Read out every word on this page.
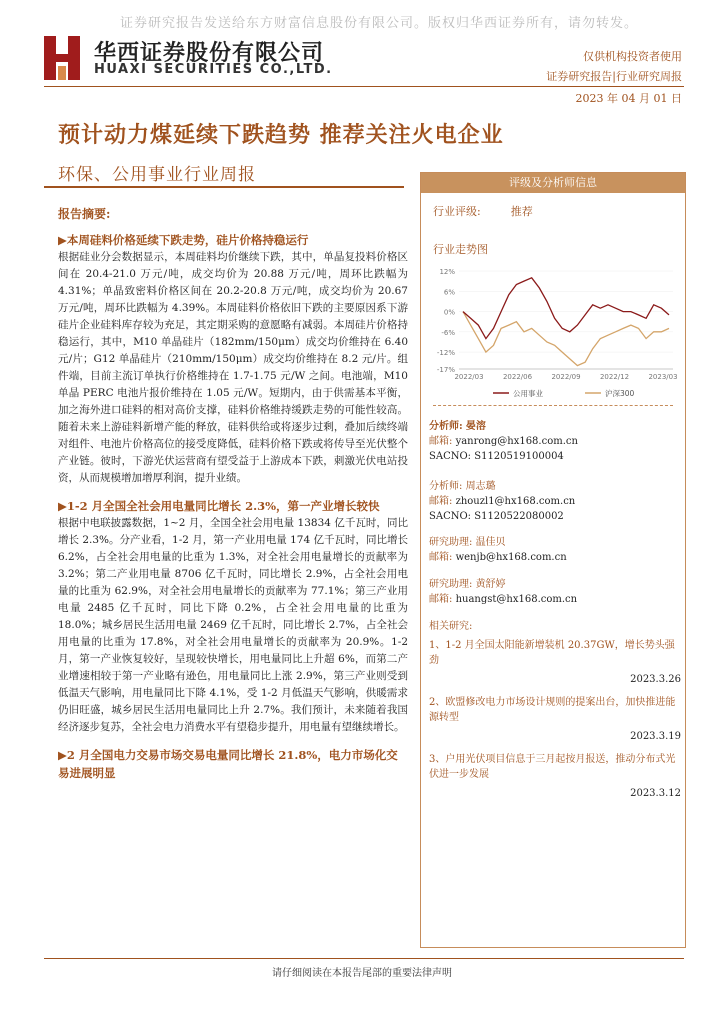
证券研究报告发送给东方财富信息股份有限公司。版权归华西证券所有，请勿转发。
华西证券股份有限公司
HUAXI SECURITIES CO.,LTD.
仅供机构投资者使用
证券研究报告|行业研究周报
2023 年 04 月 01 日
预计动力煤延续下跌趋势 推荐关注火电企业
环保、公用事业行业周报
报告摘要:
▶本周硅料价格延续下跌走势，硅片价格持稳运行
根据硅业分会数据显示，本周硅料均价继续下跌，其中，单晶复投料价格区间在 20.4-21.0 万元/吨，成交均价为 20.88 万元/吨，周环比跌幅为 4.31%；单晶致密料价格区间在 20.2-20.8 万元/吨，成交均价为 20.67 万元/吨，周环比跌幅为 4.39%。本周硅料价格依旧下跌的主要原因系下游硅片企业硅料库存较为充足，其定期采购的意愿略有减弱。本周硅片价格持稳运行，其中，M10 单晶硅片（182mm/150μm）成交均价维持在 6.40 元/片；G12 单晶硅片（210mm/150μm）成交均价维持在 8.2 元/片。组件端，目前主流订单执行价格维持在 1.7-1.75 元/W 之间。电池端，M10 单晶 PERC 电池片报价维持在 1.05 元/W。短期内，由于供需基本平衡，加之海外进口硅料的相对高价支撑，硅料价格维持缓跌走势的可能性较高。随着未来上游硅料新增产能的释放，硅料供给或将逐步过剩，叠加后续终端对组件、电池片价格高位的接受度降低，硅料价格下跌或将传导至光伏整个产业链。彼时，下游光伏运营商有望受益于上游成本下跌，刺激光伏电站投资，从而规模增加增厚利润，提升业绩。
▶1-2 月全国全社会用电量同比增长 2.3%，第一产业增长较快
根据中电联披露数据，1~2 月，全国全社会用电量 13834 亿千瓦时，同比增长 2.3%。分产业看，1-2 月，第一产业用电量 174 亿千瓦时，同比增长 6.2%，占全社会用电量的比重为 1.3%，对全社会用电量增长的贡献率为 3.2%；第二产业用电量 8706 亿千瓦时，同比增长 2.9%，占全社会用电量的比重为 62.9%，对全社会用电量增长的贡献率为 77.1%；第三产业用电量 2485 亿千瓦时，同比下降 0.2%，占全社会用电量的比重为 18.0%；城乡居民生活用电量 2469 亿千瓦时，同比增长 2.7%，占全社会用电量的比重为 17.8%，对全社会用电量增长的贡献率为 20.9%。1-2 月，第一产业恢复较好，呈现较快增长，用电量同比上升超 6%，而第二产业增速相较于第一产业略有逊色，用电量同比上涨 2.9%，第三产业则受到低温天气影响，用电量同比下降 4.1%，受 1-2 月低温天气影响，供暖需求仍旧旺盛，城乡居民生活用电量同比上升 2.7%。我们预计，未来随着我国经济逐步复苏，全社会电力消费水平有望稳步提升，用电量有望继续增长。
▶2 月全国电力交易市场交易电量同比增长 21.8%，电力市场化交易进展明显
评级及分析师信息
行业评级:	推荐
行业走势图
12%
6%
0%
-6%
-12%
-17%
2022/03	2022/06	2022/09	2022/12	2023/03
公用事业	沪深300
分析师: 晏溶
邮箱: yanrong@hx168.com.cn
SACNO: S1120519100004
分析师: 周志璐
邮箱: zhouzl1@hx168.com.cn
SACNO: S1120522080002
研究助理: 温佳贝
邮箱: wenjb@hx168.com.cn
研究助理: 黄舒婷
邮箱: huangst@hx168.com.cn
相关研究:
1、1-2 月全国太阳能新增装机 20.37GW，增长势头强劲
2023.3.26
2、欧盟修改电力市场设计规则的提案出台，加快推进能源转型
2023.3.19
3、户用光伏项目信息于三月起按月报送，推动分布式光伏进一步发展
2023.3.12
请仔细阅读在本报告尾部的重要法律声明
